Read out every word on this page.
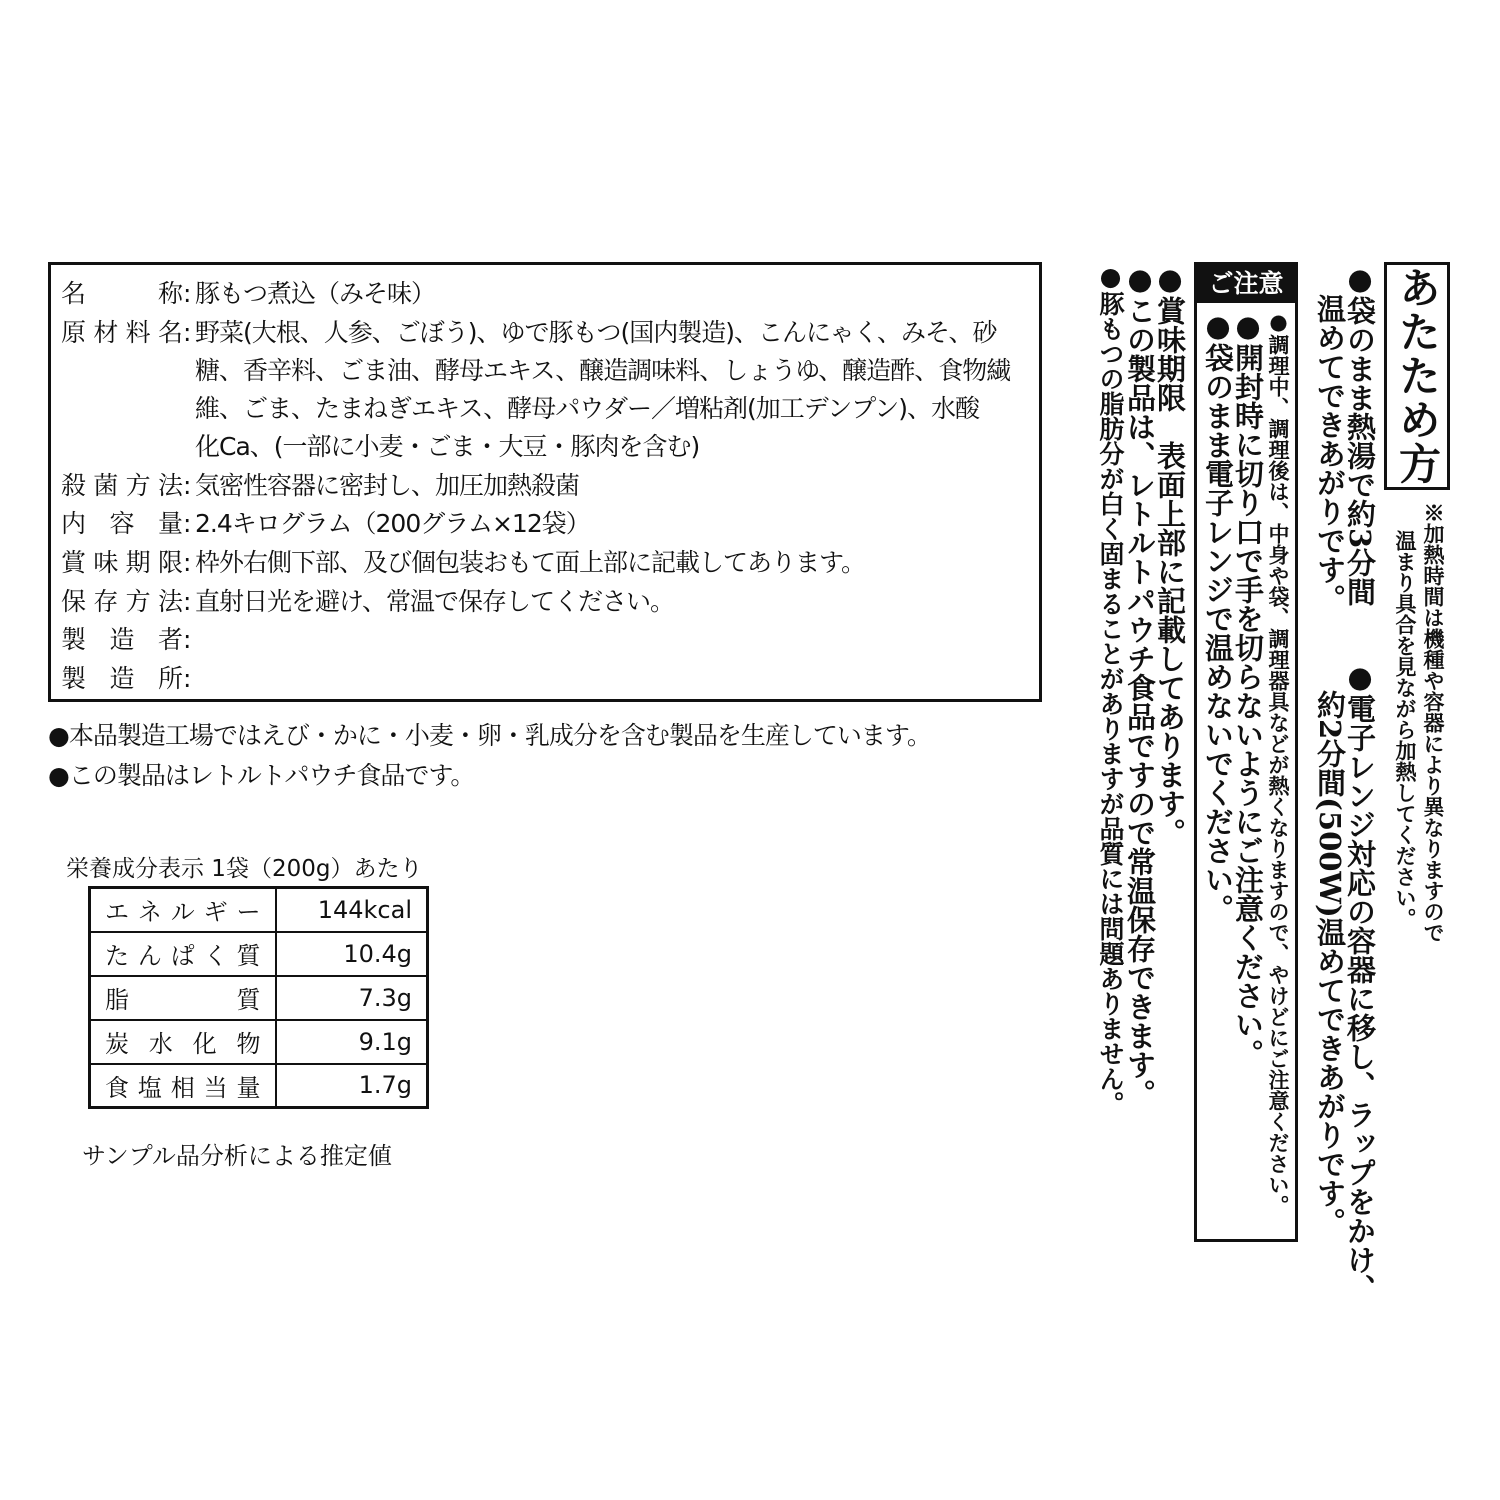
名　称 : 豚もつ煮込（みそ味）
原材料名 : 野菜(大根、人参、ごぼう)、ゆで豚もつ(国内製造)、こんにゃく、みそ、砂
糖、香辛料、ごま油、酵母エキス、醸造調味料、しょうゆ、醸造酢、食物繊
維、ごま、たまねぎエキス、酵母パウダー／増粘剤(加工デンプン)、水酸
化Ca、(一部に小麦・ごま・大豆・豚肉を含む)
殺菌方法 : 気密性容器に密封し、加圧加熱殺菌
内容量 : 2.4キログラム（200グラム×12袋）
賞味期限 : 枠外右側下部、及び個包装おもて面上部に記載してあります。
保存方法 : 直射日光を避け、常温で保存してください。
製造者 :
製造所 :
●本品製造工場ではえび・かに・小麦・卵・乳成分を含む製品を生産しています。
●この製品はレトルトパウチ食品です。
栄養成分表示 1袋（200g）あたり
エネルギー	144kcal
たんぱく質	10.4g
脂質	7.3g
炭水化物	9.1g
食塩相当量	1.7g
サンプル品分析による推定値
●賞味期限　表面上部に記載してあります。
●この製品は、レトルトパウチ食品ですので常温保存できます。
●豚もつの脂肪分が白く固まることがありますが品質には問題ありません。	ご注意
●調理中、調理後は、中身や袋、調理器具などが熱くなりますので、やけどにご注意ください。
●開封時に切り口で手を切らないようにご注意ください。
●袋のまま電子レンジで温めないでください。	あたため方
●袋のまま熱湯で約3分間
温めてできあがりです。
※加熱時間は機種や容器により異なりますので
温まり具合を見ながら加熱してください。
●電子レンジ対応の容器に移し、ラップをかけ、
約2分間(500W)温めてできあがりです。
